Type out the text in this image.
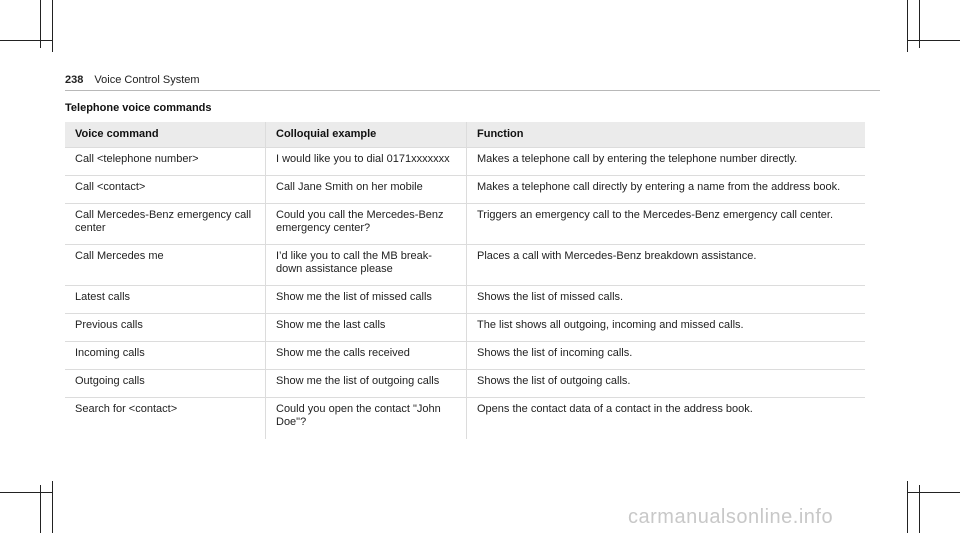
238 Voice Control System
Telephone voice commands
Voice command	Colloquial example	Function
Call <telephone number>	I would like you to dial 0171xxxxxxx	Makes a telephone call by entering the telephone number directly.
Call <contact>	Call Jane Smith on her mobile	Makes a telephone call directly by entering a name from the address book.
Call Mercedes-Benz emergency call center	Could you call the Mercedes-Benz emergency center?	Triggers an emergency call to the Mercedes-Benz emergency call center.
Call Mercedes me	I’d like you to call the MB break-down assistance please	Places a call with Mercedes-Benz breakdown assistance.
Latest calls	Show me the list of missed calls	Shows the list of missed calls.
Previous calls	Show me the last calls	The list shows all outgoing, incoming and missed calls.
Incoming calls	Show me the calls received	Shows the list of incoming calls.
Outgoing calls	Show me the list of outgoing calls	Shows the list of outgoing calls.
Search for <contact>	Could you open the contact "John Doe"?	Opens the contact data of a contact in the address book.
carmanualsonline.info
